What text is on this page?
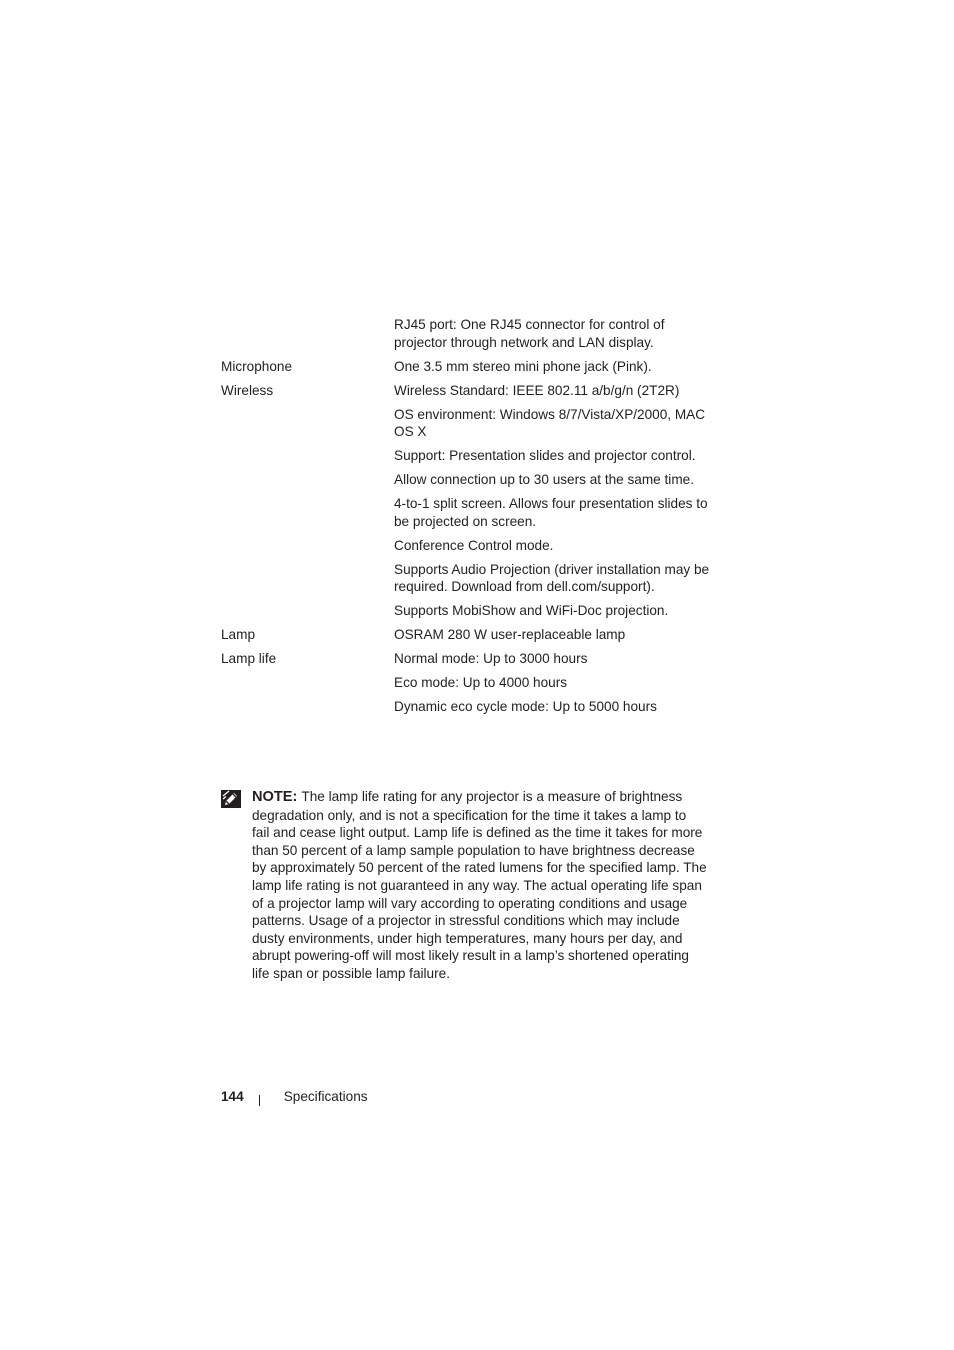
RJ45 port: One RJ45 connector for control of projector through network and LAN display.
Microphone	One 3.5 mm stereo mini phone jack (Pink).
Wireless	Wireless Standard: IEEE 802.11 a/b/g/n (2T2R)
OS environment: Windows 8/7/Vista/XP/2000, MAC OS X
Support: Presentation slides and projector control.
Allow connection up to 30 users at the same time.
4-to-1 split screen. Allows four presentation slides to be projected on screen.
Conference Control mode.
Supports Audio Projection (driver installation may be required. Download from dell.com/support).
Supports MobiShow and WiFi-Doc projection.
Lamp	OSRAM 280 W user-replaceable lamp
Lamp life	Normal mode: Up to 3000 hours
Eco mode: Up to 4000 hours
Dynamic eco cycle mode: Up to 5000 hours
NOTE: The lamp life rating for any projector is a measure of brightness degradation only, and is not a specification for the time it takes a lamp to fail and cease light output. Lamp life is defined as the time it takes for more than 50 percent of a lamp sample population to have brightness decrease by approximately 50 percent of the rated lumens for the specified lamp. The lamp life rating is not guaranteed in any way. The actual operating life span of a projector lamp will vary according to operating conditions and usage patterns. Usage of a projector in stressful conditions which may include dusty environments, under high temperatures, many hours per day, and abrupt powering-off will most likely result in a lamp’s shortened operating life span or possible lamp failure.
144	Specifications
